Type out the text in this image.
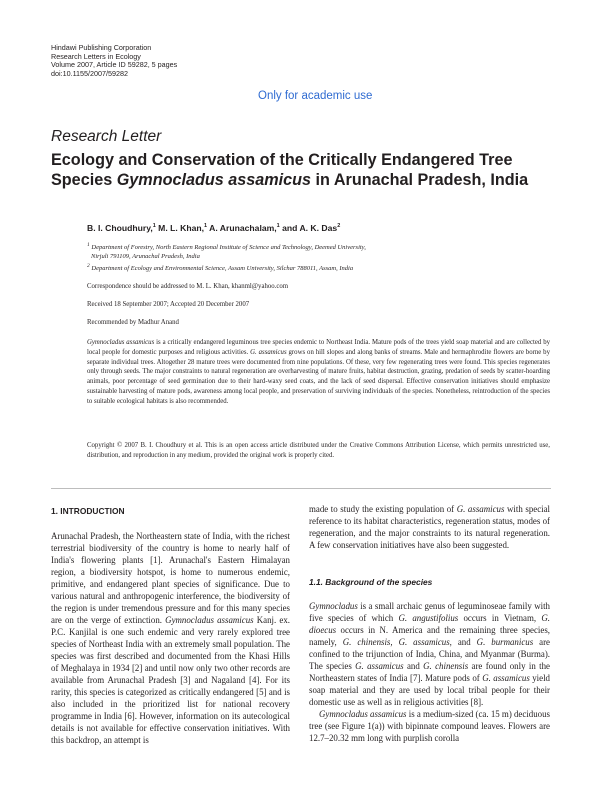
Hindawi Publishing Corporation
Research Letters in Ecology
Volume 2007, Article ID 59282, 5 pages
doi:10.1155/2007/59282
Only for academic use
Research Letter
Ecology and Conservation of the Critically Endangered Tree
Species Gymnocladus assamicus in Arunachal Pradesh, India
B. I. Choudhury,$^1$ M. L. Khan,$^1$ A. Arunachalam,$^1$ and A. K. Das$^2$
$^1$ Department of Forestry, North Eastern Regional Institute of Science and Technology, Deemed University,
Nirjuli 791109, Arunachal Pradesh, India
$^2$ Department of Ecology and Environmental Science, Assam University, Silchar 788011, Assam, India
Correspondence should be addressed to M. L. Khan, khanml@yahoo.com
Received 18 September 2007; Accepted 20 December 2007
Recommended by Madhur Anand
Gymnocladus assamicus is a critically endangered leguminous tree species endemic to Northeast India. Mature pods of the trees yield soap material and are collected by local people for domestic purposes and religious activities. G. assamicus grows on hill slopes and along banks of streams. Male and hermaphrodite flowers are borne by separate individual trees. Altogether 28 mature trees were documented from nine populations. Of these, very few regenerating trees were found. This species regenerates only through seeds. The major constraints to natural regeneration are overharvesting of mature fruits, habitat destruction, grazing, predation of seeds by scatter-hoarding animals, poor percentage of seed germination due to their hard-waxy seed coats, and the lack of seed dispersal. Effective conservation initiatives should emphasize sustainable harvesting of mature pods, awareness among local people, and preservation of surviving individuals of the species. Nonetheless, reintroduction of the species to suitable ecological habitats is also recommended.
Copyright © 2007 B. I. Choudhury et al. This is an open access article distributed under the Creative Commons Attribution License, which permits unrestricted use, distribution, and reproduction in any medium, provided the original work is properly cited.
1. INTRODUCTION

Arunachal Pradesh, the Northeastern state of India, with the richest terrestrial biodiversity of the country is home to nearly half of India's flowering plants [1]. Arunachal's Eastern Himalayan region, a biodiversity hotspot, is home to numerous endemic, primitive, and endangered plant species of significance. Due to various natural and anthropogenic interference, the biodiversity of the region is under tremendous pressure and for this many species are on the verge of extinction. Gymnocladus assamicus Kanj. ex. P.C. Kanjilal is one such endemic and very rarely explored tree species of Northeast India with an extremely small population. The species was first described and documented from the Khasi Hills of Meghalaya in 1934 [2] and until now only two other records are available from Arunachal Pradesh [3] and Nagaland [4]. For its rarity, this species is categorized as critically endangered [5] and is also included in the prioritized list for national recovery programme in India [6]. However, information on its autecological details is not available for effective conservation initiatives. With this backdrop, an attempt is

made to study the existing population of G. assamicus with special reference to its habitat characteristics, regeneration status, modes of regeneration, and the major constraints to its natural regeneration. A few conservation initiatives have also been suggested.

1.1. Background of the species

Gymnocladus is a small archaic genus of leguminoseae family with five species of which G. angustifolius occurs in Vietnam, G. dioecus occurs in N. America and the remaining three species, namely, G. chinensis, G. assamicus, and G. burmanicus are confined to the trijunction of India, China, and Myanmar (Burma). The species G. assamicus and G. chinensis are found only in the Northeastern states of India [7]. Mature pods of G. assamicus yield soap material and they are used by local tribal people for their domestic use as well as in religious activities [8].

Gymnocladus assamicus is a medium-sized (ca. 15 m) deciduous tree (see Figure 1(a)) with bipinnate compound leaves. Flowers are 12.7–20.32 mm long with purplish corolla
